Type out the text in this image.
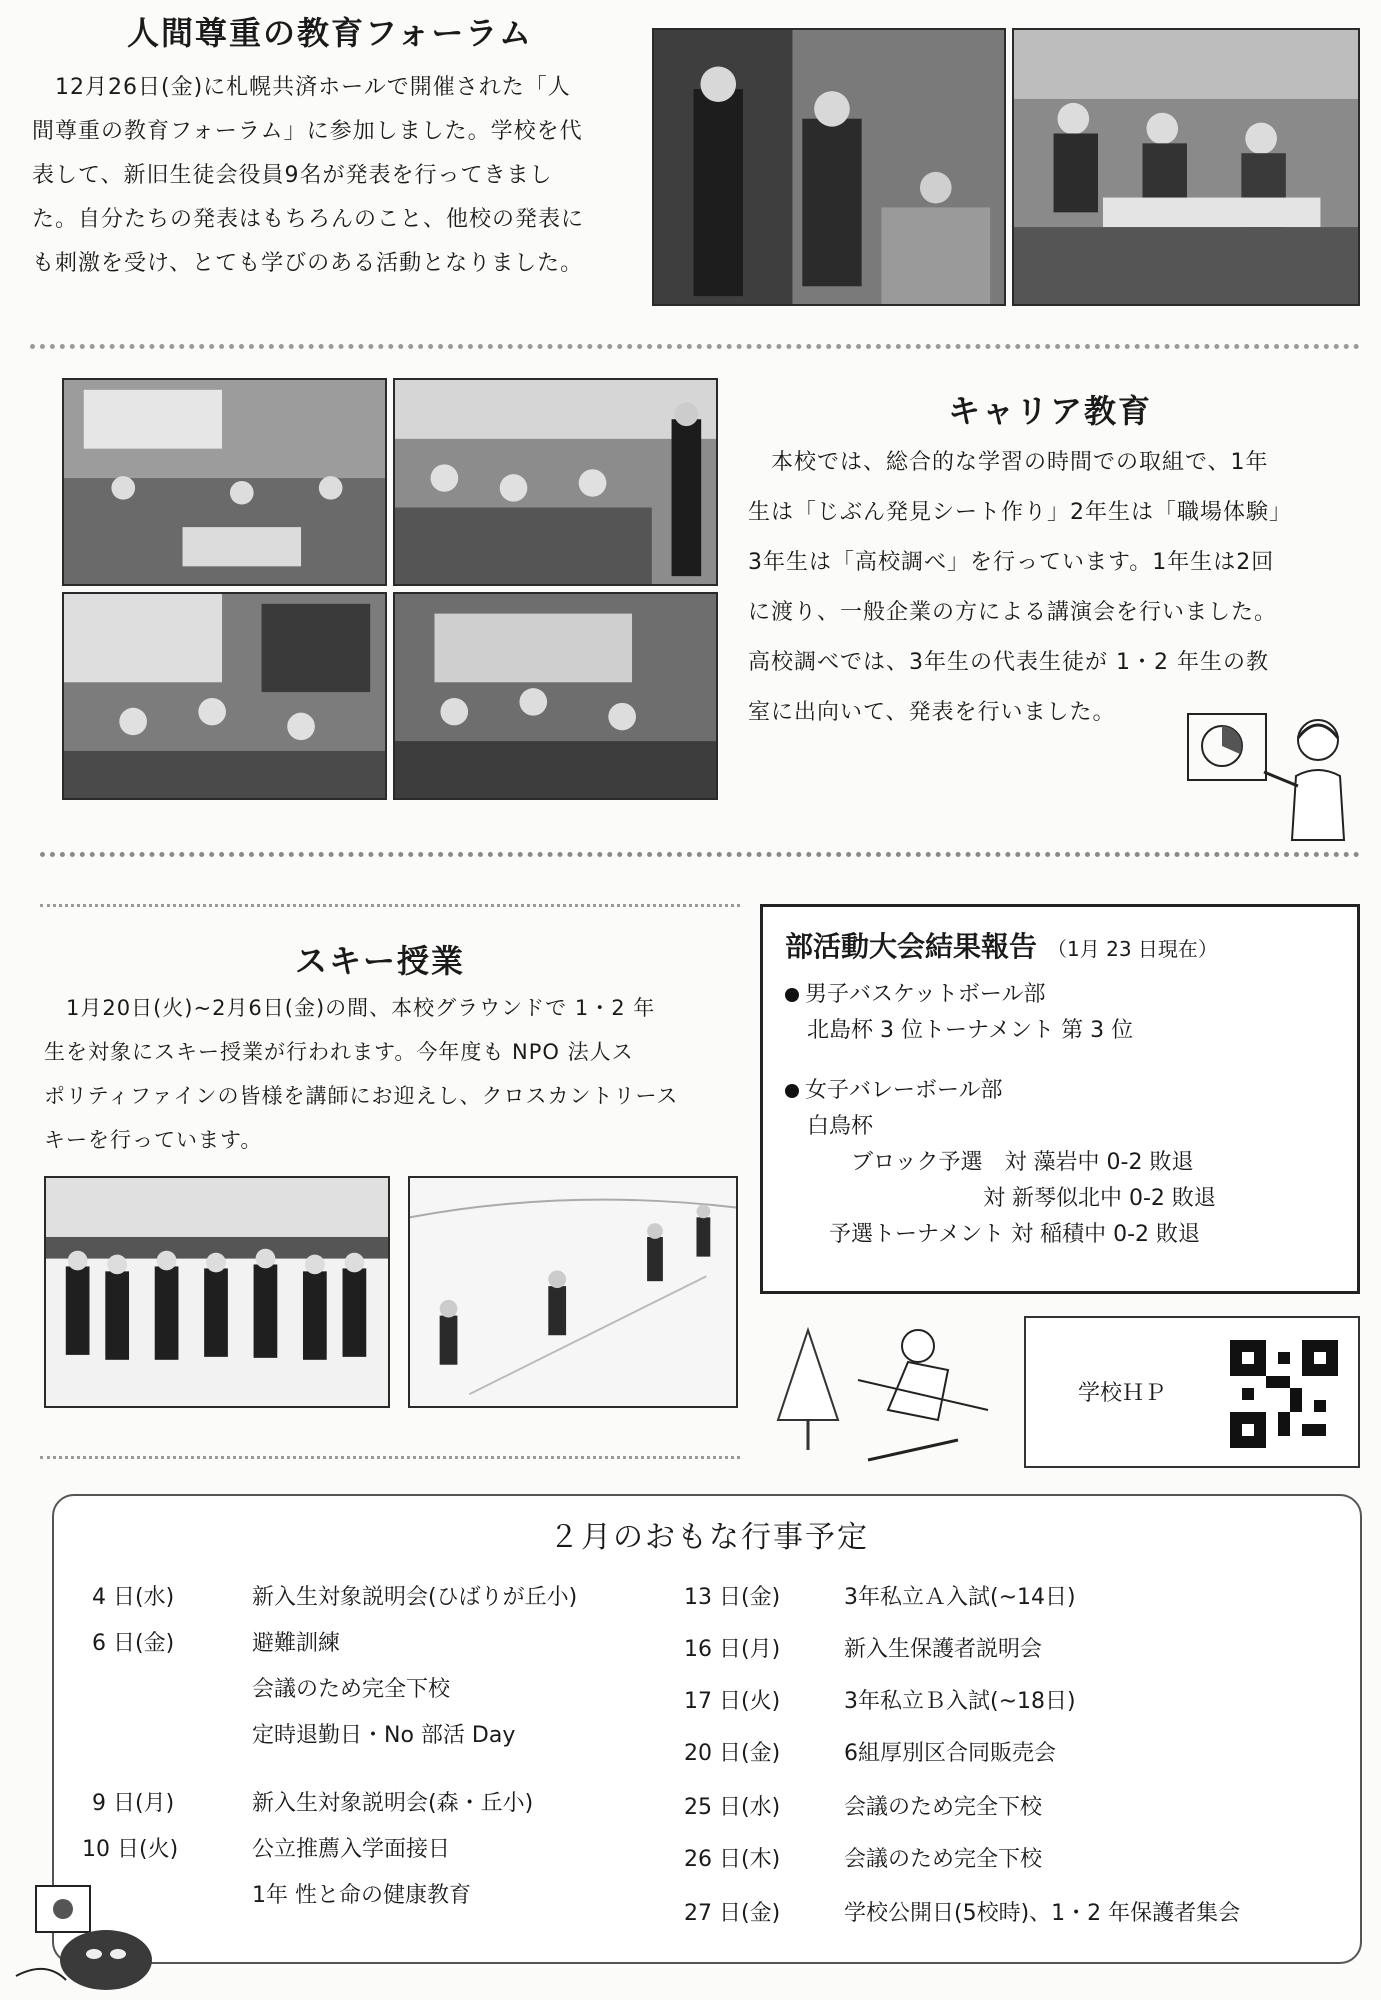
人間尊重の教育フォーラム
　12月26日(金)に札幌共済ホールで開催された「人
間尊重の教育フォーラム」に参加しました。学校を代
表して、新旧生徒会役員9名が発表を行ってきまし
た。自分たちの発表はもちろんのこと、他校の発表に
も刺激を受け、とても学びのある活動となりました。
キャリア教育
　本校では、総合的な学習の時間での取組で、1年
生は「じぶん発見シート作り」2年生は「職場体験」
3年生は「高校調べ」を行っています。1年生は2回
に渡り、一般企業の方による講演会を行いました。
高校調べでは、3年生の代表生徒が 1・2 年生の教
室に出向いて、発表を行いました。
スキー授業
　1月20日(火)~2月6日(金)の間、本校グラウンドで 1・2 年
生を対象にスキー授業が行われます。今年度も NPO 法人ス
ポリティファインの皆様を講師にお迎えし、クロスカントリース
キーを行っています。
部活動大会結果報告 （1月 23 日現在）
男子バスケットボール部
　北島杯 3 位トーナメント 第 3 位
女子バレーボール部
　白鳥杯
　　　ブロック予選　対 藻岩中 0-2 敗退
　　　　　　　　　対 新琴似北中 0-2 敗退
　　予選トーナメント 対 稲積中 0-2 敗退
学校ＨＰ
２月のおもな行事予定
4 日(水)	新入生対象説明会(ひばりが丘小)
6 日(金)	避難訓練
会議のため完全下校
定時退勤日・No 部活 Day
9 日(月)	新入生対象説明会(森・丘小)
10 日(火)	公立推薦入学面接日
1年 性と命の健康教育
13 日(金)	3年私立Ａ入試(~14日)
16 日(月)	新入生保護者説明会
17 日(火)	3年私立Ｂ入試(~18日)
20 日(金)	6組厚別区合同販売会
25 日(水)	会議のため完全下校
26 日(木)	会議のため完全下校
27 日(金)	学校公開日(5校時)、1・2 年保護者集会
